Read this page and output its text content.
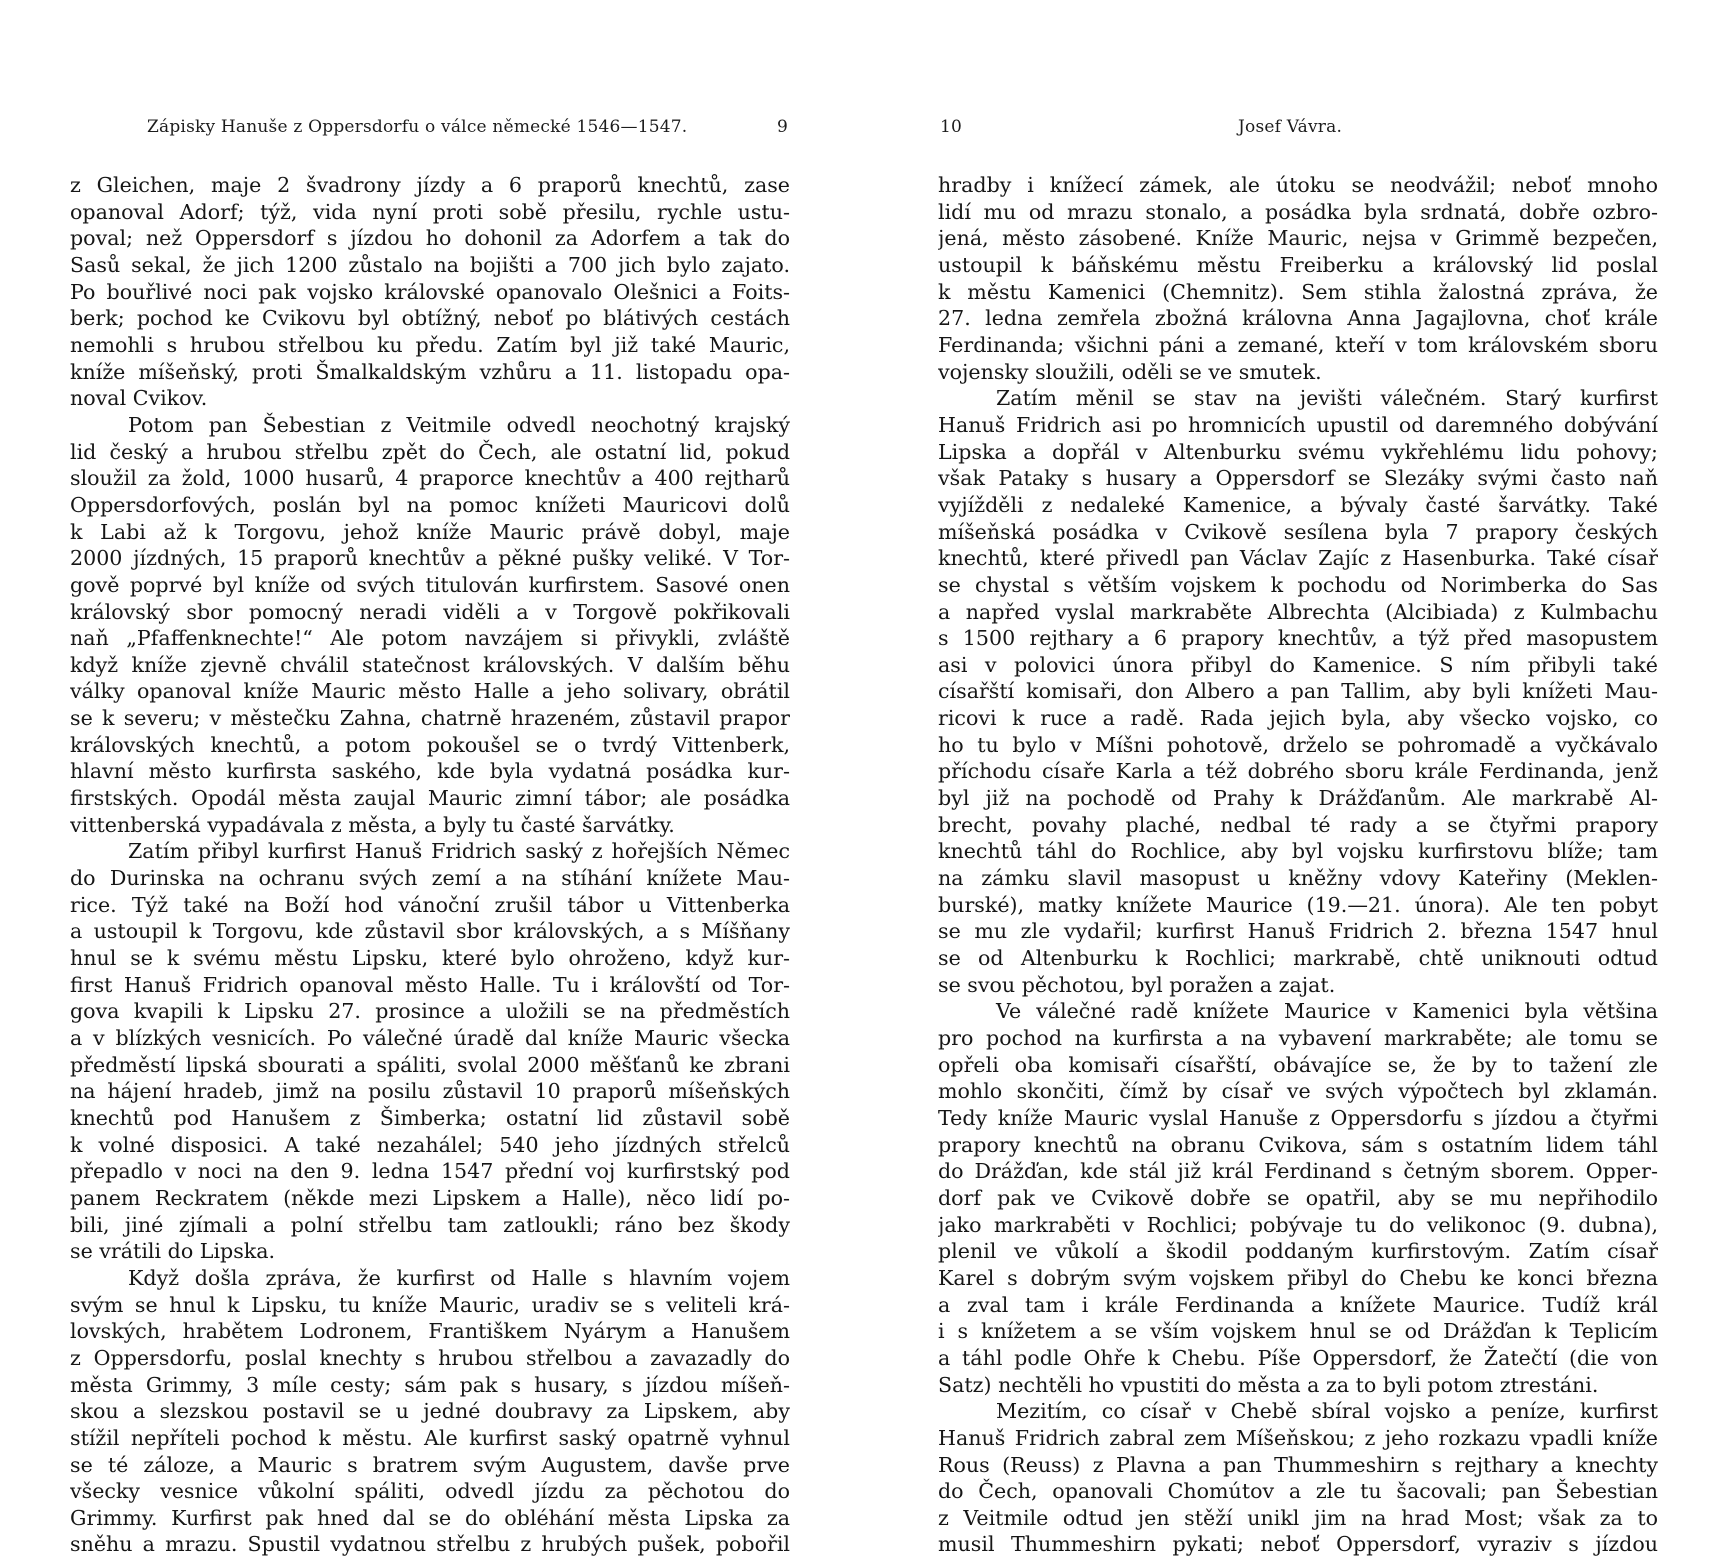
Zápisky Hanuše z Oppersdorfu o válce německé 1546—1547.	9
z Gleichen, maje 2 švadrony jízdy a 6 praporů knechtů, zase
opanoval Adorf; týž, vida nyní proti sobě přesilu, rychle ustu-
poval; než Oppersdorf s jízdou ho dohonil za Adorfem a tak do
Sasů sekal, že jich 1200 zůstalo na bojišti a 700 jich bylo zajato.
Po bouřlivé noci pak vojsko královské opanovalo Olešnici a Foits-
berk; pochod ke Cvikovu byl obtížný, neboť po blátivých cestách
nemohli s hrubou střelbou ku předu. Zatím byl již také Mauric,
kníže míšeňský, proti Šmalkaldským vzhůru a 11. listopadu opa-
noval Cvikov.
Potom pan Šebestian z Veitmile odvedl neochotný krajský
lid český a hrubou střelbu zpět do Čech, ale ostatní lid, pokud
sloužil za žold, 1000 husarů, 4 praporce knechtův a 400 rejtharů
Oppersdorfových, poslán byl na pomoc knížeti Mauricovi dolů
k Labi až k Torgovu, jehož kníže Mauric právě dobyl, maje
2000 jízdných, 15 praporů knechtův a pěkné pušky veliké. V Tor-
gově poprvé byl kníže od svých titulován kurfirstem. Sasové onen
královský sbor pomocný neradi viděli a v Torgově pokřikovali
naň „Pfaffenknechte!“ Ale potom navzájem si přivykli, zvláště
když kníže zjevně chválil statečnost královských. V dalším běhu
války opanoval kníže Mauric město Halle a jeho solivary, obrátil
se k severu; v městečku Zahna, chatrně hrazeném, zůstavil prapor
královských knechtů, a potom pokoušel se o tvrdý Vittenberk,
hlavní město kurfirsta saského, kde byla vydatná posádka kur-
firstských. Opodál města zaujal Mauric zimní tábor; ale posádka
vittenberská vypadávala z města, a byly tu časté šarvátky.
Zatím přibyl kurfirst Hanuš Fridrich saský z hořejších Němec
do Durinska na ochranu svých zemí a na stíhání knížete Mau-
rice. Týž také na Boží hod vánoční zrušil tábor u Vittenberka
a ustoupil k Torgovu, kde zůstavil sbor královských, a s Míšňany
hnul se k svému městu Lipsku, které bylo ohroženo, když kur-
first Hanuš Fridrich opanoval město Halle. Tu i královští od Tor-
gova kvapili k Lipsku 27. prosince a uložili se na předměstích
a v blízkých vesnicích. Po válečné úradě dal kníže Mauric všecka
předměstí lipská sbourati a spáliti, svolal 2000 měšťanů ke zbrani
na hájení hradeb, jimž na posilu zůstavil 10 praporů míšeňských
knechtů pod Hanušem z Šimberka; ostatní lid zůstavil sobě
k volné disposici. A také nezahálel; 540 jeho jízdných střelců
přepadlo v noci na den 9. ledna 1547 přední voj kurfirstský pod
panem Reckratem (někde mezi Lipskem a Halle), něco lidí po-
bili, jiné zjímali a polní střelbu tam zatloukli; ráno bez škody
se vrátili do Lipska.
Když došla zpráva, že kurfirst od Halle s hlavním vojem
svým se hnul k Lipsku, tu kníže Mauric, uradiv se s veliteli krá-
lovských, hrabětem Lodronem, Františkem Nyárym a Hanušem
z Oppersdorfu, poslal knechty s hrubou střelbou a zavazadly do
města Grimmy, 3 míle cesty; sám pak s husary, s jízdou míšeň-
skou a slezskou postavil se u jedné doubravy za Lipskem, aby
stížil nepříteli pochod k městu. Ale kurfirst saský opatrně vyhnul
se té záloze, a Mauric s bratrem svým Augustem, davše prve
všecky vesnice vůkolní spáliti, odvedl jízdu za pěchotou do
Grimmy. Kurfirst pak hned dal se do obléhání města Lipska za
sněhu a mrazu. Spustil vydatnou střelbu z hrubých pušek, pobořil
10	Josef Vávra.
hradby i knížecí zámek, ale útoku se neodvážil; neboť mnoho
lidí mu od mrazu stonalo, a posádka byla srdnatá, dobře ozbro-
jená, město zásobené. Kníže Mauric, nejsa v Grimmě bezpečen,
ustoupil k báňskému městu Freiberku a královský lid poslal
k městu Kamenici (Chemnitz). Sem stihla žalostná zpráva, že
27. ledna zemřela zbožná královna Anna Jagajlovna, choť krále
Ferdinanda; všichni páni a zemané, kteří v tom královském sboru
vojensky sloužili, oděli se ve smutek.
Zatím měnil se stav na jevišti válečném. Starý kurfirst
Hanuš Fridrich asi po hromnicích upustil od daremného dobývání
Lipska a dopřál v Altenburku svému vykřehlému lidu pohovy;
však Pataky s husary a Oppersdorf se Slezáky svými často naň
vyjížděli z nedaleké Kamenice, a bývaly časté šarvátky. Také
míšeňská posádka v Cvikově sesílena byla 7 prapory českých
knechtů, které přivedl pan Václav Zajíc z Hasenburka. Také císař
se chystal s větším vojskem k pochodu od Norimberka do Sas
a napřed vyslal markraběte Albrechta (Alcibiada) z Kulmbachu
s 1500 rejthary a 6 prapory knechtův, a týž před masopustem
asi v polovici února přibyl do Kamenice. S ním přibyli také
císařští komisaři, don Albero a pan Tallim, aby byli knížeti Mau-
ricovi k ruce a radě. Rada jejich byla, aby všecko vojsko, co
ho tu bylo v Míšni pohotově, drželo se pohromadě a vyčkávalo
příchodu císaře Karla a též dobrého sboru krále Ferdinanda, jenž
byl již na pochodě od Prahy k Drážďanům. Ale markrabě Al-
brecht, povahy plaché, nedbal té rady a se čtyřmi prapory
knechtů táhl do Rochlice, aby byl vojsku kurfirstovu blíže; tam
na zámku slavil masopust u kněžny vdovy Kateřiny (Meklen-
burské), matky knížete Maurice (19.—21. února). Ale ten pobyt
se mu zle vydařil; kurfirst Hanuš Fridrich 2. března 1547 hnul
se od Altenburku k Rochlici; markrabě, chtě uniknouti odtud
se svou pěchotou, byl poražen a zajat.
Ve válečné radě knížete Maurice v Kamenici byla většina
pro pochod na kurfirsta a na vybavení markraběte; ale tomu se
opřeli oba komisaři císařští, obávajíce se, že by to tažení zle
mohlo skončiti, čímž by císař ve svých výpočtech byl zklamán.
Tedy kníže Mauric vyslal Hanuše z Oppersdorfu s jízdou a čtyřmi
prapory knechtů na obranu Cvikova, sám s ostatním lidem táhl
do Drážďan, kde stál již král Ferdinand s četným sborem. Opper-
dorf pak ve Cvikově dobře se opatřil, aby se mu nepřihodilo
jako markraběti v Rochlici; pobývaje tu do velikonoc (9. dubna),
plenil ve vůkolí a škodil poddaným kurfirstovým. Zatím císař
Karel s dobrým svým vojskem přibyl do Chebu ke konci března
a zval tam i krále Ferdinanda a knížete Maurice. Tudíž král
i s knížetem a se vším vojskem hnul se od Drážďan k Teplicím
a táhl podle Ohře k Chebu. Píše Oppersdorf, že Žatečtí (die von
Satz) nechtěli ho vpustiti do města a za to byli potom ztrestáni.
Mezitím, co císař v Chebě sbíral vojsko a peníze, kurfirst
Hanuš Fridrich zabral zem Míšeňskou; z jeho rozkazu vpadli kníže
Rous (Reuss) z Plavna a pan Thummeshirn s rejthary a knechty
do Čech, opanovali Chomútov a zle tu šacovali; pan Šebestian
z Veitmile odtud jen stěží unikl jim na hrad Most; však za to
musil Thummeshirn pykati; neboť Oppersdorf, vyraziv s jízdou
